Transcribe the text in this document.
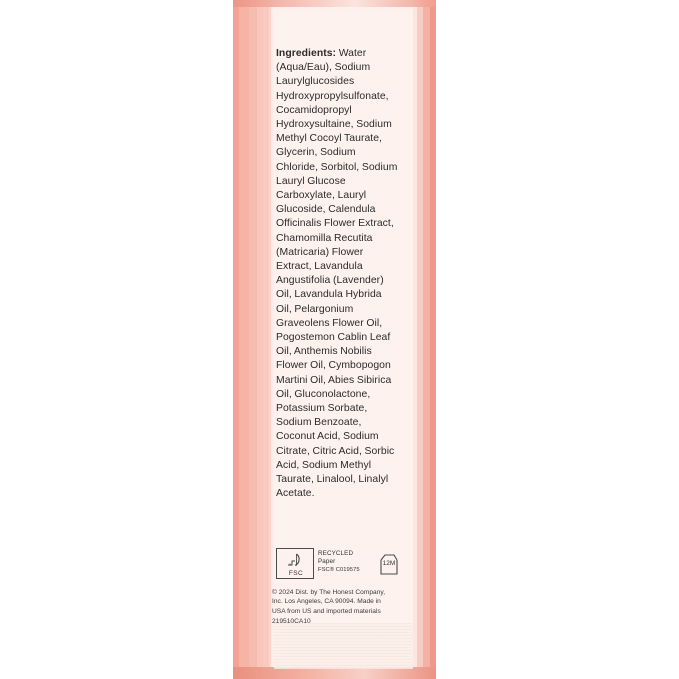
Ingredients: Water (Aqua/Eau), Sodium Laurylglucosides Hydroxypropylsulfonate, Cocamidopropyl Hydroxysultaine, Sodium Methyl Cocoyl Taurate, Glycerin, Sodium Chloride, Sorbitol, Sodium Lauryl Glucose Carboxylate, Lauryl Glucoside, Calendula Officinalis Flower Extract, Chamomilla Recutita (Matricaria) Flower Extract, Lavandula Angustifolia (Lavender) Oil, Lavandula Hybrida Oil, Pelargonium Graveolens Flower Oil, Pogostemon Cablin Leaf Oil, Anthemis Nobilis Flower Oil, Cymbopogon Martini Oil, Abies Sibirica Oil, Gluconolactone, Potassium Sorbate, Sodium Benzoate, Coconut Acid, Sodium Citrate, Citric Acid, Sorbic Acid, Sodium Methyl Taurate, Linalool, Linalyl Acetate.
FSC
RECYCLED
Paper
FSC® C019575
12M
© 2024 Dist. by The Honest Company,
Inc. Los Angeles, CA 90094. Made in
USA from US and imported materials
219510CA10
